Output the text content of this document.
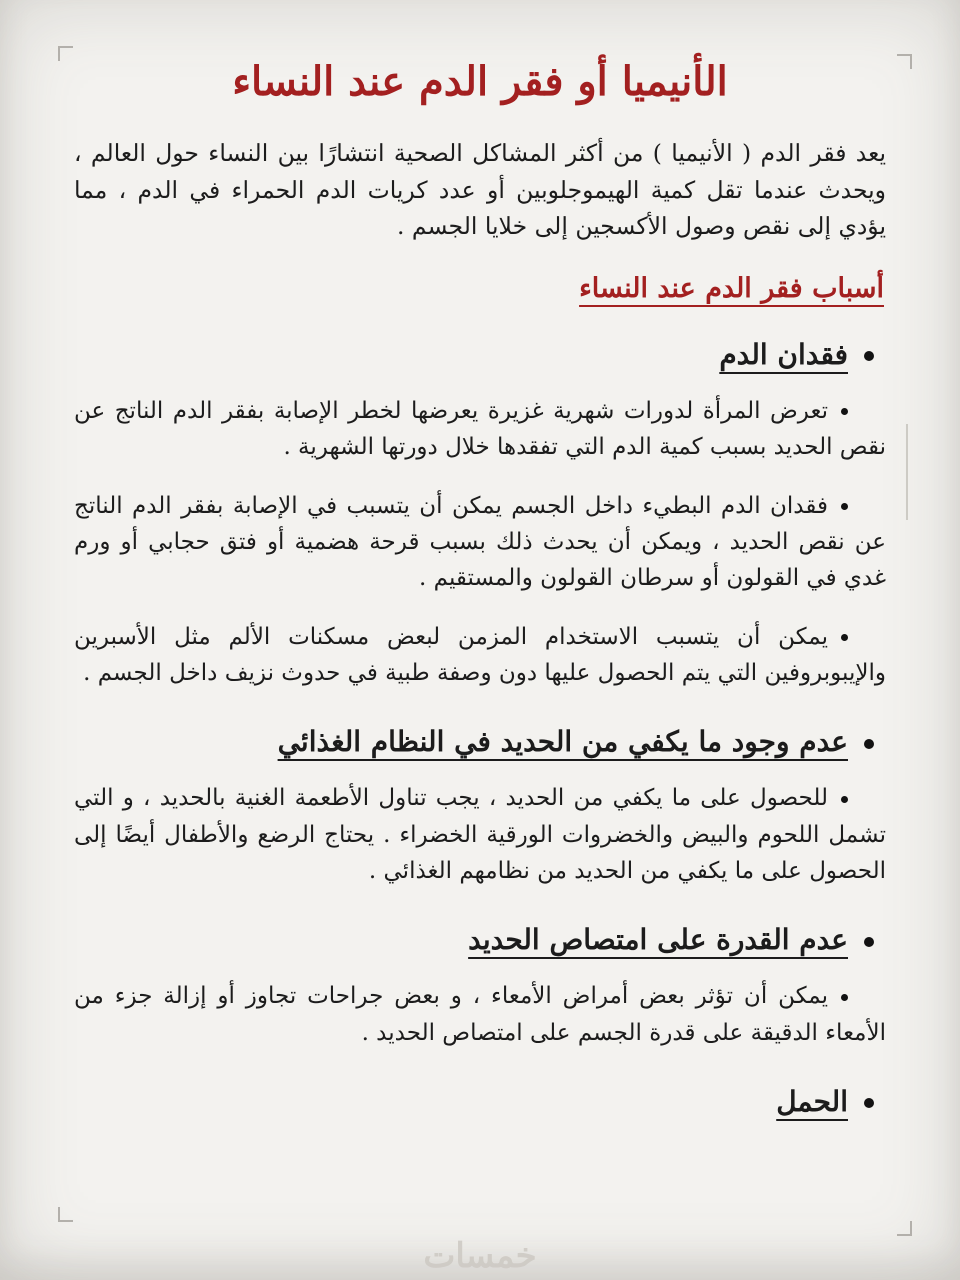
الأنيميا أو فقر الدم عند النساء

يعد فقر الدم ( الأنيميا ) من أكثر المشاكل الصحية انتشارًا بين النساء حول العالم ، ويحدث عندما تقل كمية الهيموجلوبين أو عدد كريات الدم الحمراء في الدم ، مما يؤدي إلى نقص وصول الأكسجين إلى خلايا الجسم .

أسباب فقر الدم عند النساء
فقدان الدم

تعرض المرأة لدورات شهرية غزيرة يعرضها لخطر الإصابة بفقر الدم الناتج عن نقص الحديد بسبب كمية الدم التي تفقدها خلال دورتها الشهرية .

فقدان الدم البطيء داخل الجسم يمكن أن يتسبب في الإصابة بفقر الدم الناتج عن نقص الحديد ، ويمكن أن يحدث ذلك بسبب قرحة هضمية أو فتق حجابي أو ورم غدي في القولون أو سرطان القولون والمستقيم .

يمكن أن يتسبب الاستخدام المزمن لبعض مسكنات الألم مثل الأسبرين والإيبوبروفين التي يتم الحصول عليها دون وصفة طبية في حدوث نزيف داخل الجسم .

عدم وجود ما يكفي من الحديد في النظام الغذائي

للحصول على ما يكفي من الحديد ، يجب تناول الأطعمة الغنية بالحديد ، و التي تشمل اللحوم والبيض والخضروات الورقية الخضراء . يحتاج الرضع والأطفال أيضًا إلى الحصول على ما يكفي من الحديد من نظامهم الغذائي .

عدم القدرة على امتصاص الحديد

يمكن أن تؤثر بعض أمراض الأمعاء ، و بعض جراحات تجاوز أو إزالة جزء من الأمعاء الدقيقة على قدرة الجسم على امتصاص الحديد .

الحمل
خمسات
